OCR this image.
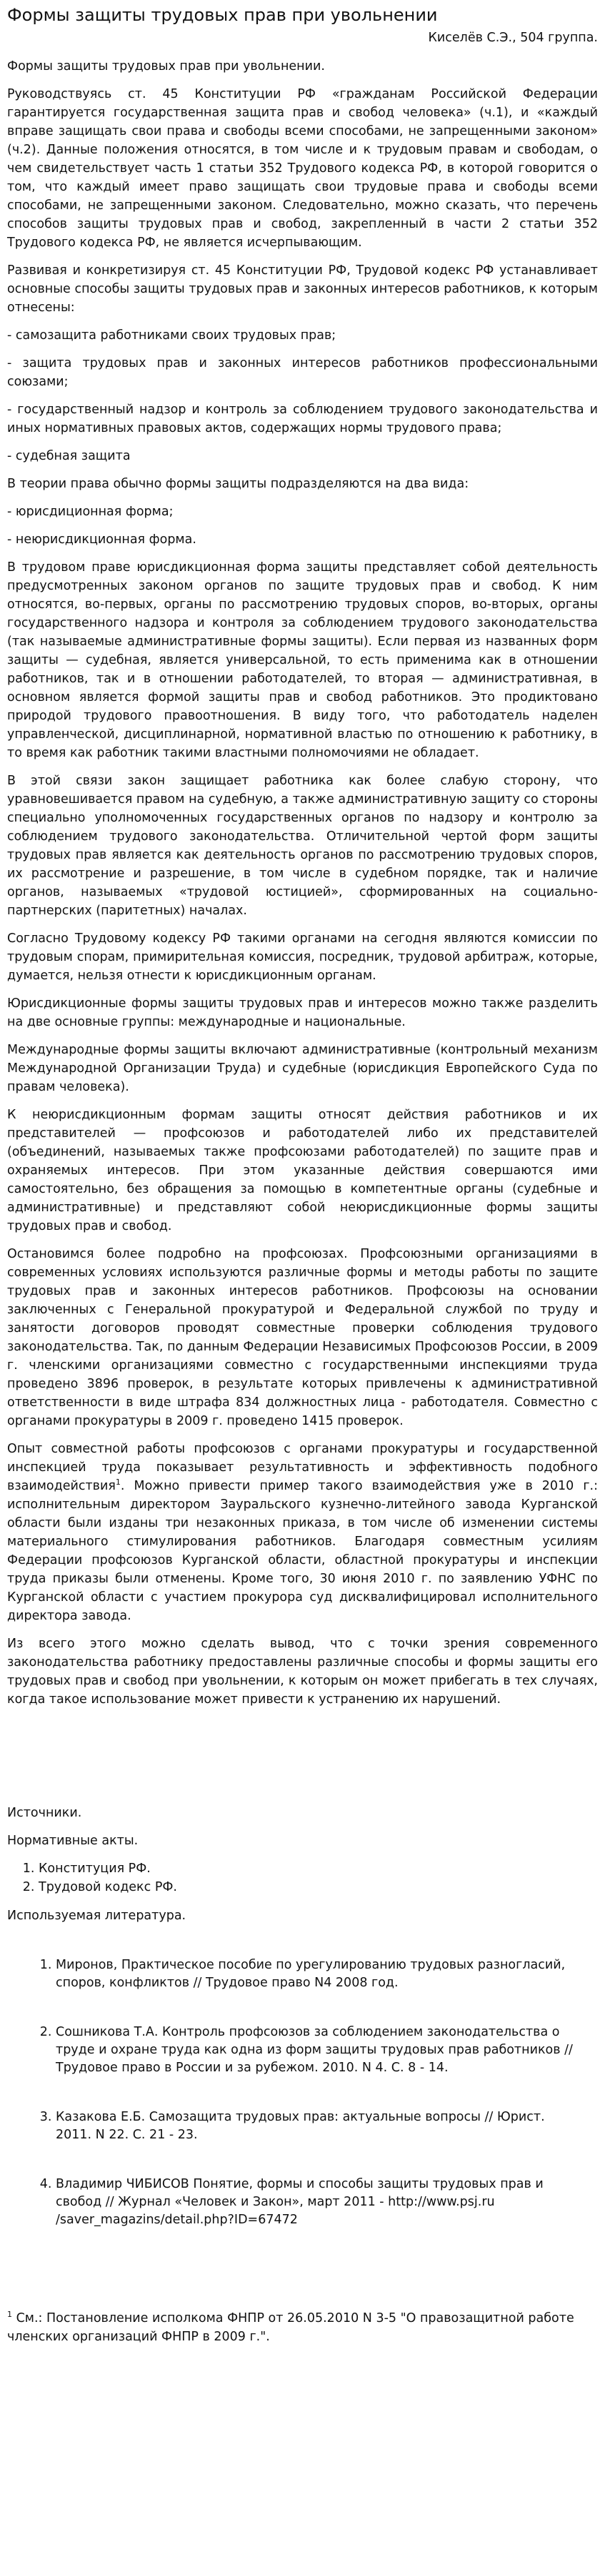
Формы защиты трудовых прав при увольнении
Киселёв С.Э., 504 группа.

Формы защиты трудовых прав при увольнении.

Руководствуясь ст. 45 Конституции РФ «гражданам Российской Федерации гарантируется государственная защита прав и свобод человека» (ч.1), и «каждый вправе защищать свои права и свободы всеми способами, не запрещенными законом» (ч.2). Данные положения относятся, в том числе и к трудовым правам и свободам, о чем свидетельствует часть 1 статьи 352 Трудового кодекса РФ, в которой говорится о том, что каждый имеет право защищать свои трудовые права и свободы всеми способами, не запрещенными законом. Следовательно, можно сказать, что перечень способов защиты трудовых прав и свобод, закрепленный в части 2 статьи 352 Трудового кодекса РФ, не является исчерпывающим.

Развивая и конкретизируя ст. 45 Конституции РФ, Трудовой кодекс РФ устанавливает основные способы защиты трудовых прав и законных интересов работников, к которым отнесены:

- самозащита работниками своих трудовых прав;

- защита трудовых прав и законных интересов работников профессиональными союзами;

- государственный надзор и контроль за соблюдением трудового законодательства и иных нормативных правовых актов, содержащих нормы трудового права;

- судебная защита

В теории права обычно формы защиты подразделяются на два вида:

- юрисдиционная форма;

- неюрисдикционная форма.

В трудовом праве юрисдикционная форма защиты представляет собой деятельность предусмотренных законом органов по защите трудовых прав и свобод. К ним относятся, во-первых, органы по рассмотрению трудовых споров, во-вторых, органы государственного надзора и контроля за соблюдением трудового законодательства (так называемые административные формы защиты). Если первая из названных форм защиты — судебная, является универсальной, то есть применима как в отношении работников, так и в отношении работодателей, то вторая — административная, в основном является формой защиты прав и свобод работников. Это продиктовано природой трудового правоотношения. В виду того, что работодатель наделен управленческой, дисциплинарной, нормативной властью по отношению к работнику, в то время как работник такими властными полномочиями не обладает.

В этой связи закон защищает работника как более слабую сторону, что уравновешивается правом на судебную, а также административную защиту со стороны специально уполномоченных государственных органов по надзору и контролю за соблюдением трудового законодательства. Отличительной чертой форм защиты трудовых прав является как деятельность органов по рассмотрению трудовых споров, их рассмотрение и разрешение, в том числе в судебном порядке, так и наличие органов, называемых «трудовой юстицией», сформированных на социально-партнерских (паритетных) началах.

Согласно Трудовому кодексу РФ такими органами на сегодня являются комиссии по трудовым спорам, примирительная комиссия, посредник, трудовой арбитраж, которые, думается, нельзя отнести к юрисдикционным органам.

Юрисдикционные формы защиты трудовых прав и интересов можно также разделить на две основные группы: международные и национальные.

Международные формы защиты включают административные (контрольный механизм Международной Организации Труда) и судебные (юрисдикция Европейского Суда по правам человека).

К неюрисдикционным формам защиты относят действия работников и их представителей — профсоюзов и работодателей либо их представителей (объединений, называемых также профсоюзами работодателей) по защите прав и охраняемых интересов. При этом указанные действия совершаются ими самостоятельно, без обращения за помощью в компетентные органы (судебные и административные) и представляют собой неюрисдикционные формы защиты трудовых прав и свобод.

Остановимся более подробно на профсоюзах. Профсоюзными организациями в современных условиях используются различные формы и методы работы по защите трудовых прав и законных интересов работников. Профсоюзы на основании заключенных с Генеральной прокуратурой и Федеральной службой по труду и занятости договоров проводят совместные проверки соблюдения трудового законодательства. Так, по данным Федерации Независимых Профсоюзов России, в 2009 г. членскими организациями совместно с государственными инспекциями труда проведено 3896 проверок, в результате которых привлечены к административной ответственности в виде штрафа 834 должностных лица - работодателя. Совместно с органами прокуратуры в 2009 г. проведено 1415 проверок.

Опыт совместной работы профсоюзов с органами прокуратуры и государственной инспекцией труда показывает результативность и эффективность подобного взаимодействия$^1$. Можно привести пример такого взаимодействия уже в 2010 г.: исполнительным директором Зауральского кузнечно-литейного завода Курганской области были изданы три незаконных приказа, в том числе об изменении системы материального стимулирования работников. Благодаря совместным усилиям Федерации профсоюзов Курганской области, областной прокуратуры и инспекции труда приказы были отменены. Кроме того, 30 июня 2010 г. по заявлению УФНС по Курганской области с участием прокурора суд дисквалифицировал исполнительного директора завода.

Из всего этого можно сделать вывод, что с точки зрения современного законодательства работнику предоставлены различные способы и формы защиты его трудовых прав и свобод при увольнении, к которым он может прибегать в тех случаях, когда такое использование может привести к устранению их нарушений.

Источники.

Нормативные акты.

1. Конституция РФ.
2. Трудовой кодекс РФ.

Используемая литература.

1. Миронов, Практическое пособие по урегулированию трудовых разногласий, споров, конфликтов // Трудовое право N4 2008 год.
2. Сошникова Т.А. Контроль профсоюзов за соблюдением законодательства о труде и охране труда как одна из форм защиты трудовых прав работников // Трудовое право в России и за рубежом. 2010. N 4. С. 8 - 14.
3. Казакова Е.Б. Самозащита трудовых прав: актуальные вопросы // Юрист. 2011. N 22. С. 21 - 23.
4. Владимир ЧИБИСОВ Понятие, формы и способы защиты трудовых прав и свобод // Журнал «Человек и Закон», март 2011 - http://www.psj.ru /saver_magazins/detail.php?ID=67472

$^1$ См.: Постановление исполкома ФНПР от 26.05.2010 N 3-5 "О правозащитной работе членских организаций ФНПР в 2009 г.".
